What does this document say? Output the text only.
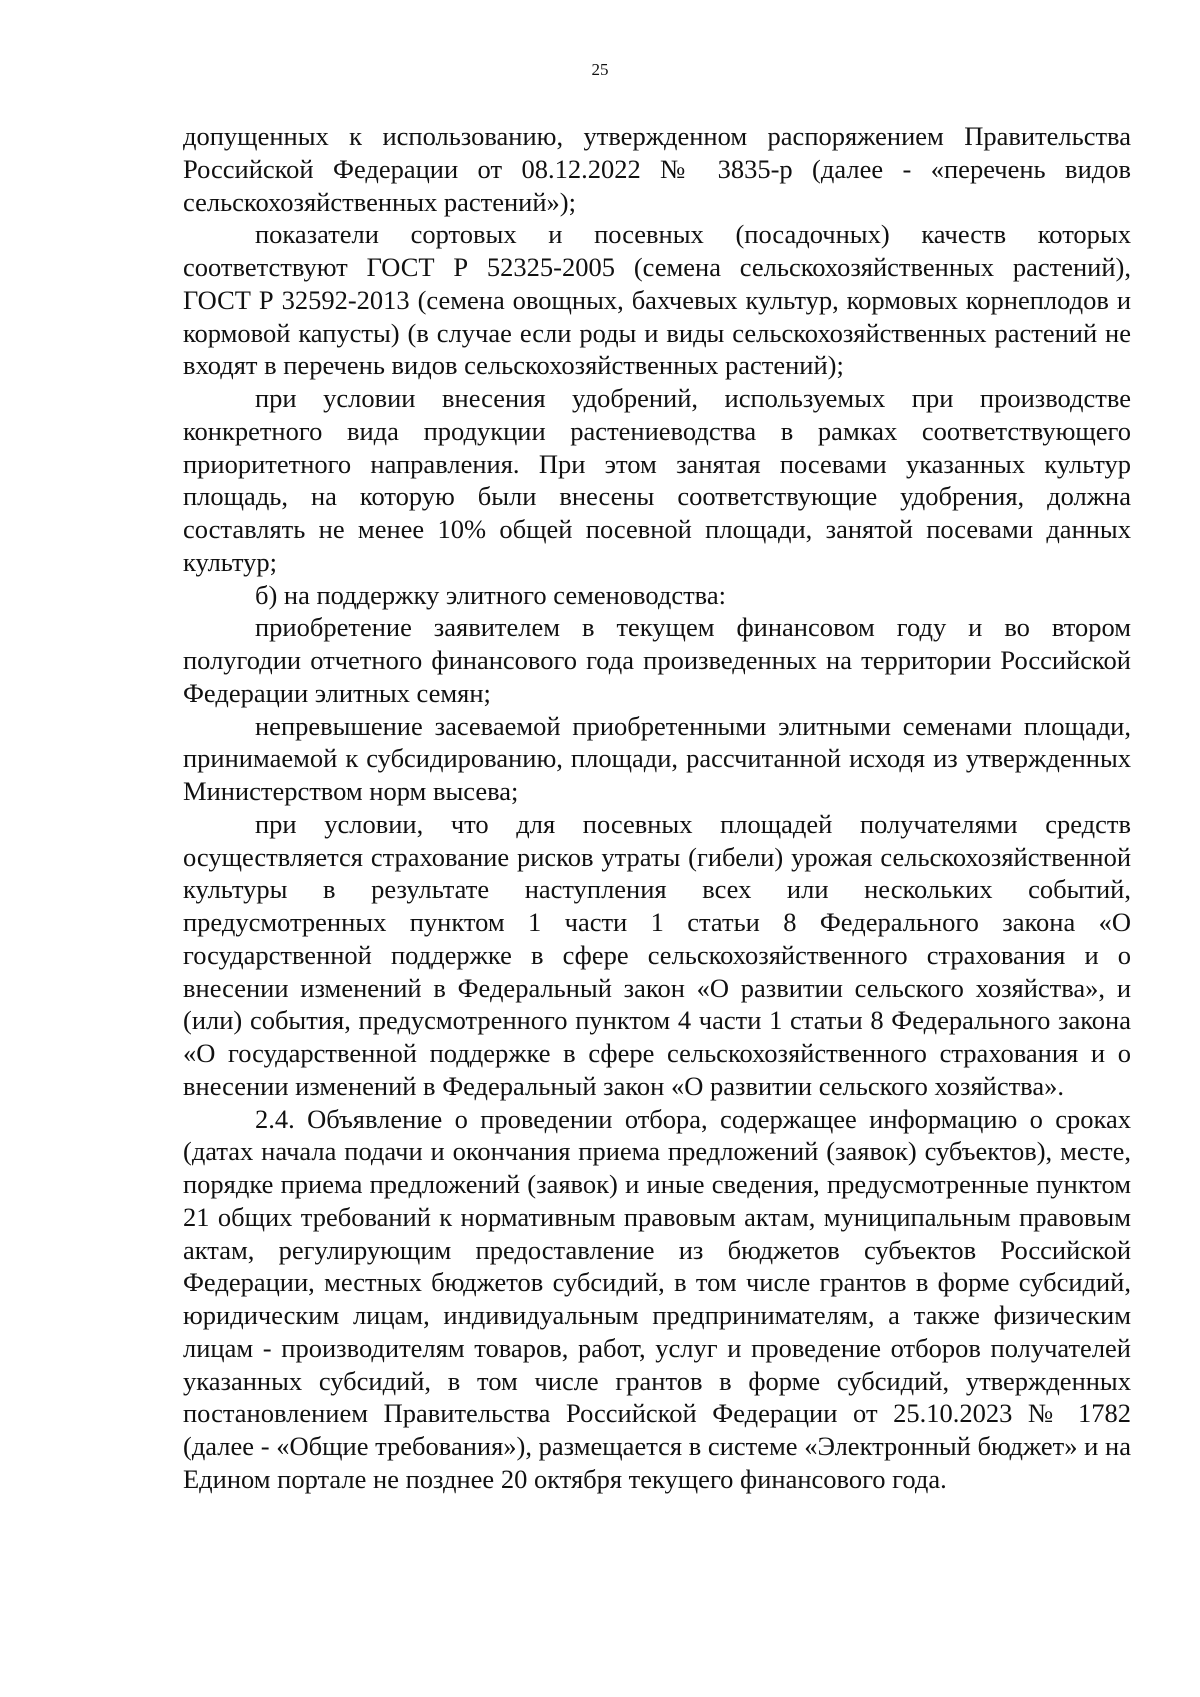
25

допущенных к использованию, утвержденном распоряжением Правительства Российской Федерации от 08.12.2022 № 3835-р (далее - «перечень видов сельскохозяйственных растений»);

показатели сортовых и посевных (посадочных) качеств которых соответствуют ГОСТ Р 52325-2005 (семена сельскохозяйственных растений), ГОСТ Р 32592-2013 (семена овощных, бахчевых культур, кормовых корнеплодов и кормовой капусты) (в случае если роды и виды сельскохозяйственных растений не входят в перечень видов сельскохозяйственных растений);

при условии внесения удобрений, используемых при производстве конкретного вида продукции растениеводства в рамках соответствующего приоритетного направления. При этом занятая посевами указанных культур площадь, на которую были внесены соответствующие удобрения, должна составлять не менее 10% общей посевной площади, занятой посевами данных культур;

б) на поддержку элитного семеноводства:

приобретение заявителем в текущем финансовом году и во втором полугодии отчетного финансового года произведенных на территории Российской Федерации элитных семян;

непревышение засеваемой приобретенными элитными семенами площади, принимаемой к субсидированию, площади, рассчитанной исходя из утвержденных Министерством норм высева;

при условии, что для посевных площадей получателями средств осуществляется страхование рисков утраты (гибели) урожая сельскохозяйственной культуры в результате наступления всех или нескольких событий, предусмотренных пунктом 1 части 1 статьи 8 Федерального закона «О государственной поддержке в сфере сельскохозяйственного страхования и о внесении изменений в Федеральный закон «О развитии сельского хозяйства», и (или) события, предусмотренного пунктом 4 части 1 статьи 8 Федерального закона «О государственной поддержке в сфере сельскохозяйственного страхования и о внесении изменений в Федеральный закон «О развитии сельского хозяйства».

2.4. Объявление о проведении отбора, содержащее информацию о сроках (датах начала подачи и окончания приема предложений (заявок) субъектов), месте, порядке приема предложений (заявок) и иные сведения, предусмотренные пунктом 21 общих требований к нормативным правовым актам, муниципальным правовым актам, регулирующим предоставление из бюджетов субъектов Российской Федерации, местных бюджетов субсидий, в том числе грантов в форме субсидий, юридическим лицам, индивидуальным предпринимателям, а также физическим лицам - производителям товаров, работ, услуг и проведение отборов получателей указанных субсидий, в том числе грантов в форме субсидий, утвержденных постановлением Правительства Российской Федерации от 25.10.2023 № 1782 (далее - «Общие требования»), размещается в системе «Электронный бюджет» и на Едином портале не позднее 20 октября текущего финансового года.
